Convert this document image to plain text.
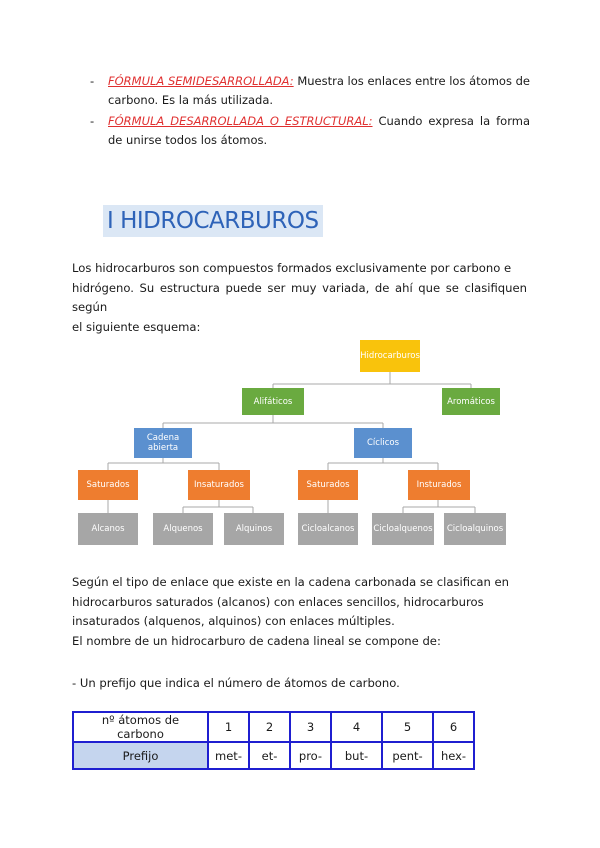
- FÓRMULA SEMIDESARROLLADA: Muestra los enlaces entre los átomos de carbono. Es la más utilizada.
- FÓRMULA DESARROLLADA O ESTRUCTURAL: Cuando expresa la forma de unirse todos los átomos.
I HIDROCARBUROS
Los hidrocarburos son compuestos formados exclusivamente por carbono e
hidrógeno. Su estructura puede ser muy variada, de ahí que se clasifiquen según
el siguiente esquema:
Hidrocarburos
Alifáticos	Aromáticos
Cadena abierta	Cíclicos
Saturados	Insaturados	Saturados	Insturados
Alcanos	Alquenos	Alquinos	Cicloalcanos	Cicloalquenos	Cicloalquinos
Según el tipo de enlace que existe en la cadena carbonada se clasifican en
hidrocarburos saturados (alcanos) con enlaces sencillos, hidrocarburos
insaturados (alquenos, alquinos) con enlaces múltiples.
El nombre de un hidrocarburo de cadena lineal se compone de:
- Un prefijo que indica el número de átomos de carbono.
nº átomos de carbono	1	2	3	4	5	6
Prefijo	met-	et-	pro-	but-	pent-	hex-
